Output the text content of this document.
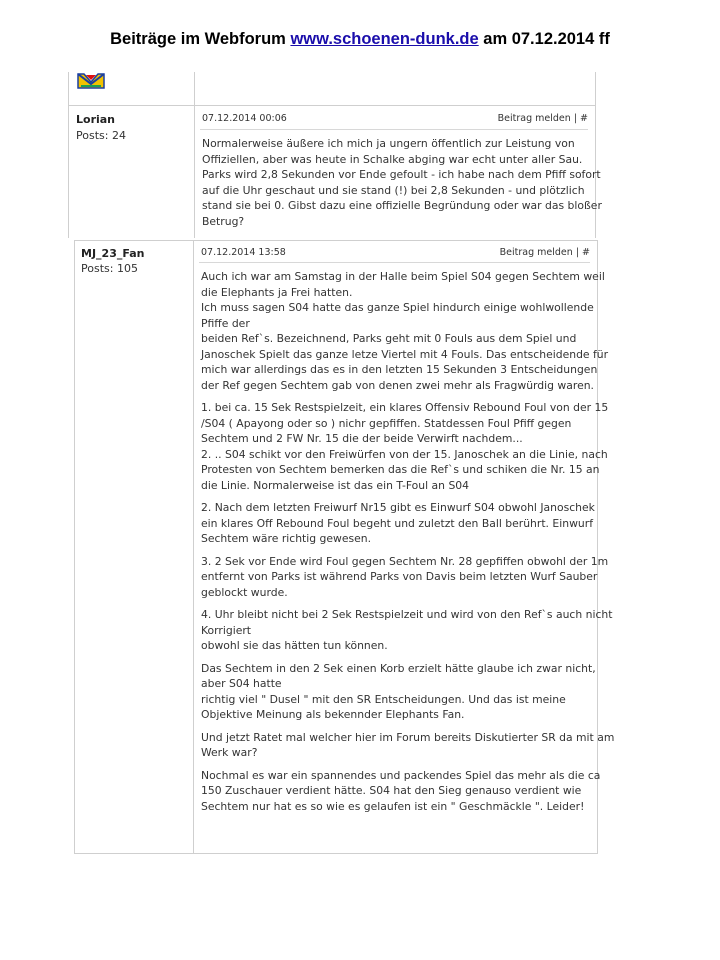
Beiträge im Webforum www.schoenen-dunk.de am 07.12.2014 ff
Lorian
Posts: 24
07.12.2014 00:06	Beitrag melden | #
Normalerweise äußere ich mich ja ungern öffentlich zur Leistung von
Offiziellen, aber was heute in Schalke abging war echt unter aller Sau.
Parks wird 2,8 Sekunden vor Ende gefoult - ich habe nach dem Pfiff sofort
auf die Uhr geschaut und sie stand (!) bei 2,8 Sekunden - und plötzlich
stand sie bei 0. Gibst dazu eine offizielle Begründung oder war das bloßer
Betrug?
MJ_23_Fan
Posts: 105
07.12.2014 13:58	Beitrag melden | #
Auch ich war am Samstag in der Halle beim Spiel S04 gegen Sechtem weil
die Elephants ja Frei hatten.
Ich muss sagen S04 hatte das ganze Spiel hindurch einige wohlwollende
Pfiffe der
beiden Ref`s. Bezeichnend, Parks geht mit 0 Fouls aus dem Spiel und
Janoschek Spielt das ganze letze Viertel mit 4 Fouls. Das entscheidende für
mich war allerdings das es in den letzten 15 Sekunden 3 Entscheidungen
der Ref gegen Sechtem gab von denen zwei mehr als Fragwürdig waren.
1. bei ca. 15 Sek Restspielzeit, ein klares Offensiv Rebound Foul von der 15
/S04 ( Apayong oder so ) nichr gepfiffen. Statdessen Foul Pfiff gegen
Sechtem und 2 FW Nr. 15 die der beide Verwirft nachdem...
2. .. S04 schikt vor den Freiwürfen von der 15. Janoschek an die Linie, nach
Protesten von Sechtem bemerken das die Ref`s und schiken die Nr. 15 an
die Linie. Normalerweise ist das ein T-Foul an S04
2. Nach dem letzten Freiwurf Nr15 gibt es Einwurf S04 obwohl Janoschek
ein klares Off Rebound Foul begeht und zuletzt den Ball berührt. Einwurf
Sechtem wäre richtig gewesen.
3. 2 Sek vor Ende wird Foul gegen Sechtem Nr. 28 gepfiffen obwohl der 1m
entfernt von Parks ist während Parks von Davis beim letzten Wurf Sauber
geblockt wurde.
4. Uhr bleibt nicht bei 2 Sek Restspielzeit und wird von den Ref`s auch nicht
Korrigiert
obwohl sie das hätten tun können.
Das Sechtem in den 2 Sek einen Korb erzielt hätte glaube ich zwar nicht,
aber S04 hatte
richtig viel " Dusel " mit den SR Entscheidungen. Und das ist meine
Objektive Meinung als bekennder Elephants Fan.
Und jetzt Ratet mal welcher hier im Forum bereits Diskutierter SR da mit am
Werk war?
Nochmal es war ein spannendes und packendes Spiel das mehr als die ca
150 Zuschauer verdient hätte. S04 hat den Sieg genauso verdient wie
Sechtem nur hat es so wie es gelaufen ist ein " Geschmäckle ". Leider!
